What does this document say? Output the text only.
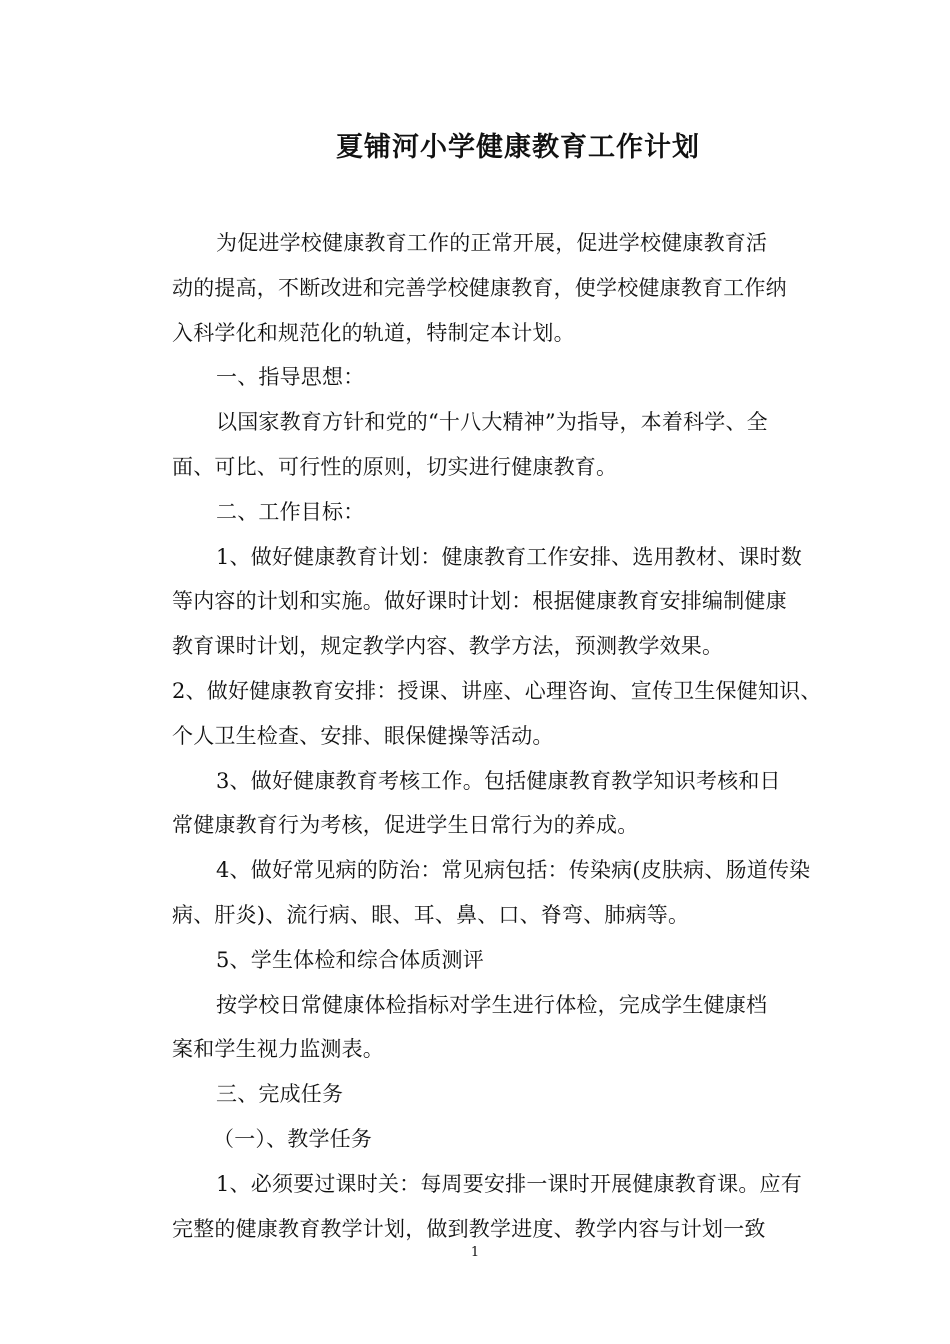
夏铺河小学健康教育工作计划

为促进学校健康教育工作的正常开展，促进学校健康教育活

动的提高，不断改进和完善学校健康教育，使学校健康教育工作纳

入科学化和规范化的轨道，特制定本计划。

一、指导思想：

以国家教育方针和党的“十八大精神”为指导，本着科学、全

面、可比、可行性的原则，切实进行健康教育。

二、工作目标：

1、做好健康教育计划：健康教育工作安排、选用教材、课时数

等内容的计划和实施。做好课时计划：根据健康教育安排编制健康

教育课时计划，规定教学内容、教学方法，预测教学效果。

2、做好健康教育安排：授课、讲座、心理咨询、宣传卫生保健知识、

个人卫生检查、安排、眼保健操等活动。

3、做好健康教育考核工作。包括健康教育教学知识考核和日

常健康教育行为考核，促进学生日常行为的养成。

4、做好常见病的防治：常见病包括：传染病(皮肤病、肠道传染

病、肝炎)、流行病、眼、耳、鼻、口、脊弯、肺病等。

5、学生体检和综合体质测评

按学校日常健康体检指标对学生进行体检，完成学生健康档

案和学生视力监测表。

三、完成任务

（一）、教学任务

1、必须要过课时关：每周要安排一课时开展健康教育课。应有

完整的健康教育教学计划，做到教学进度、教学内容与计划一致

1
